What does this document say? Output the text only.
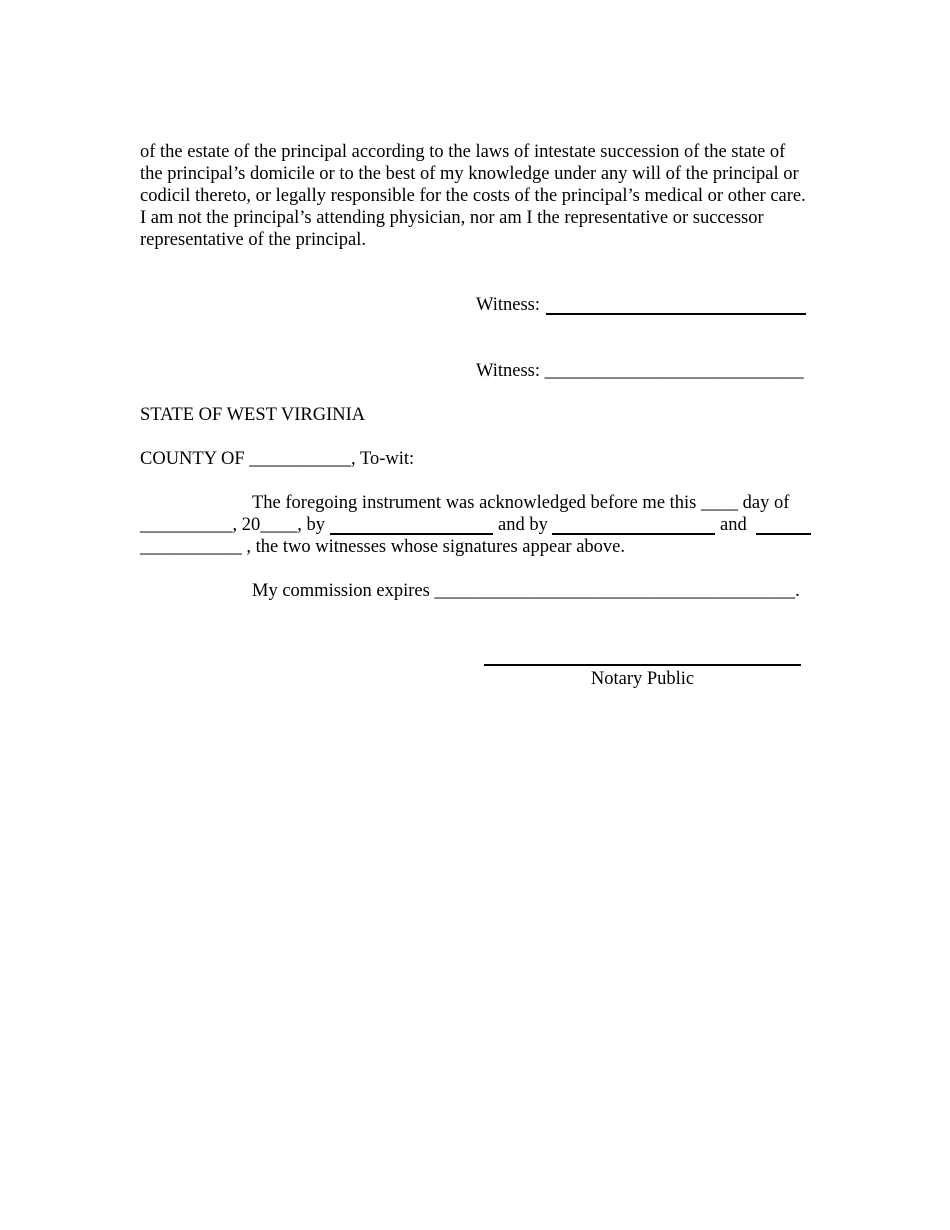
of the estate of the principal according to the laws of intestate succession of the state of
the principal’s domicile or to the best of my knowledge under any will of the principal or
codicil thereto, or legally responsible for the costs of the principal’s medical or other care.
I am not the principal’s attending physician, nor am I the representative or successor
representative of the principal.
Witness:
Witness: ____________________________
STATE OF WEST VIRGINIA
COUNTY OF ___________, To-wit:
The foregoing instrument was acknowledged before me this ____ day of
__________, 20____, by	and by	and
___________ , the two witnesses whose signatures appear above.
My commission expires _______________________________________.
Notary Public
